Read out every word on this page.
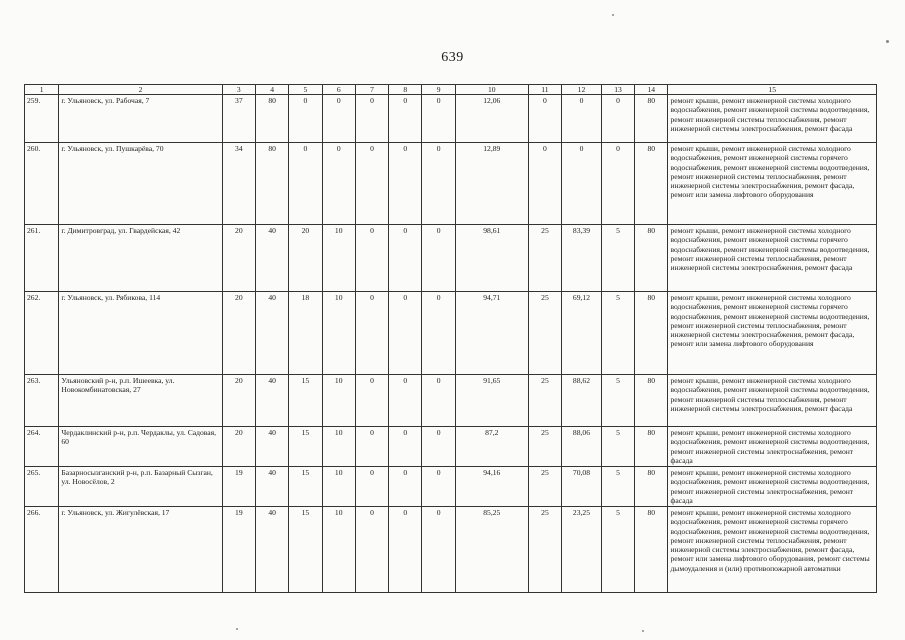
639
1	2	3	4	5	6	7	8	9	10	11	12	13	14	15
259.	г. Ульяновск, ул. Рабочая, 7	37	80	0	0	0	0	0	12,06	0	0	0	80	ремонт крыши, ремонт инженерной системы холодного водоснабжения, ремонт инженерной системы водоотведения, ремонт инженерной системы теплоснабжения, ремонт инженерной системы электроснабжения, ремонт фасада
260.	г. Ульяновск, ул. Пушкарёва, 70	34	80	0	0	0	0	0	12,89	0	0	0	80	ремонт крыши, ремонт инженерной системы холодного водоснабжения, ремонт инженерной системы горячего водоснабжения, ремонт инженерной системы водоотведения, ремонт инженерной системы теплоснабжения, ремонт инженерной системы электроснабжения, ремонт фасада, ремонт или замена лифтового оборудования
261.	г. Димитровград, ул. Гвардейская, 42	20	40	20	10	0	0	0	98,61	25	83,39	5	80	ремонт крыши, ремонт инженерной системы холодного водоснабжения, ремонт инженерной системы горячего водоснабжения, ремонт инженерной системы водоотведения, ремонт инженерной системы теплоснабжения, ремонт инженерной системы электроснабжения, ремонт фасада
262.	г. Ульяновск, ул. Рябикова, 114	20	40	18	10	0	0	0	94,71	25	69,12	5	80	ремонт крыши, ремонт инженерной системы холодного водоснабжения, ремонт инженерной системы горячего водоснабжения, ремонт инженерной системы водоотведения, ремонт инженерной системы теплоснабжения, ремонт инженерной системы электроснабжения, ремонт фасада, ремонт или замена лифтового оборудования
263.	Ульяновский р-н, р.п. Ишеевка, ул. Новокомбинатовская, 27	20	40	15	10	0	0	0	91,65	25	88,62	5	80	ремонт крыши, ремонт инженерной системы холодного водоснабжения, ремонт инженерной системы водоотведения, ремонт инженерной системы теплоснабжения, ремонт инженерной системы электроснабжения, ремонт фасада
264.	Чердаклинский р-н, р.п. Чердаклы, ул. Садовая, 60	20	40	15	10	0	0	0	87,2	25	88,06	5	80	ремонт крыши, ремонт инженерной системы холодного водоснабжения, ремонт инженерной системы водоотведения, ремонт инженерной системы электроснабжения, ремонт фасада
265.	Базарносызганский р-н, р.п. Базарный Сызган, ул. Новосёлов, 2	19	40	15	10	0	0	0	94,16	25	70,08	5	80	ремонт крыши, ремонт инженерной системы холодного водоснабжения, ремонт инженерной системы водоотведения, ремонт инженерной системы электроснабжения, ремонт фасада
266.	г. Ульяновск, ул. Жигулёвская, 17	19	40	15	10	0	0	0	85,25	25	23,25	5	80	ремонт крыши, ремонт инженерной системы холодного водоснабжения, ремонт инженерной системы горячего водоснабжения, ремонт инженерной системы водоотведения, ремонт инженерной системы теплоснабжения, ремонт инженерной системы электроснабжения, ремонт фасада, ремонт или замена лифтового оборудования, ремонт системы дымоудаления и (или) противопожарной автоматики
